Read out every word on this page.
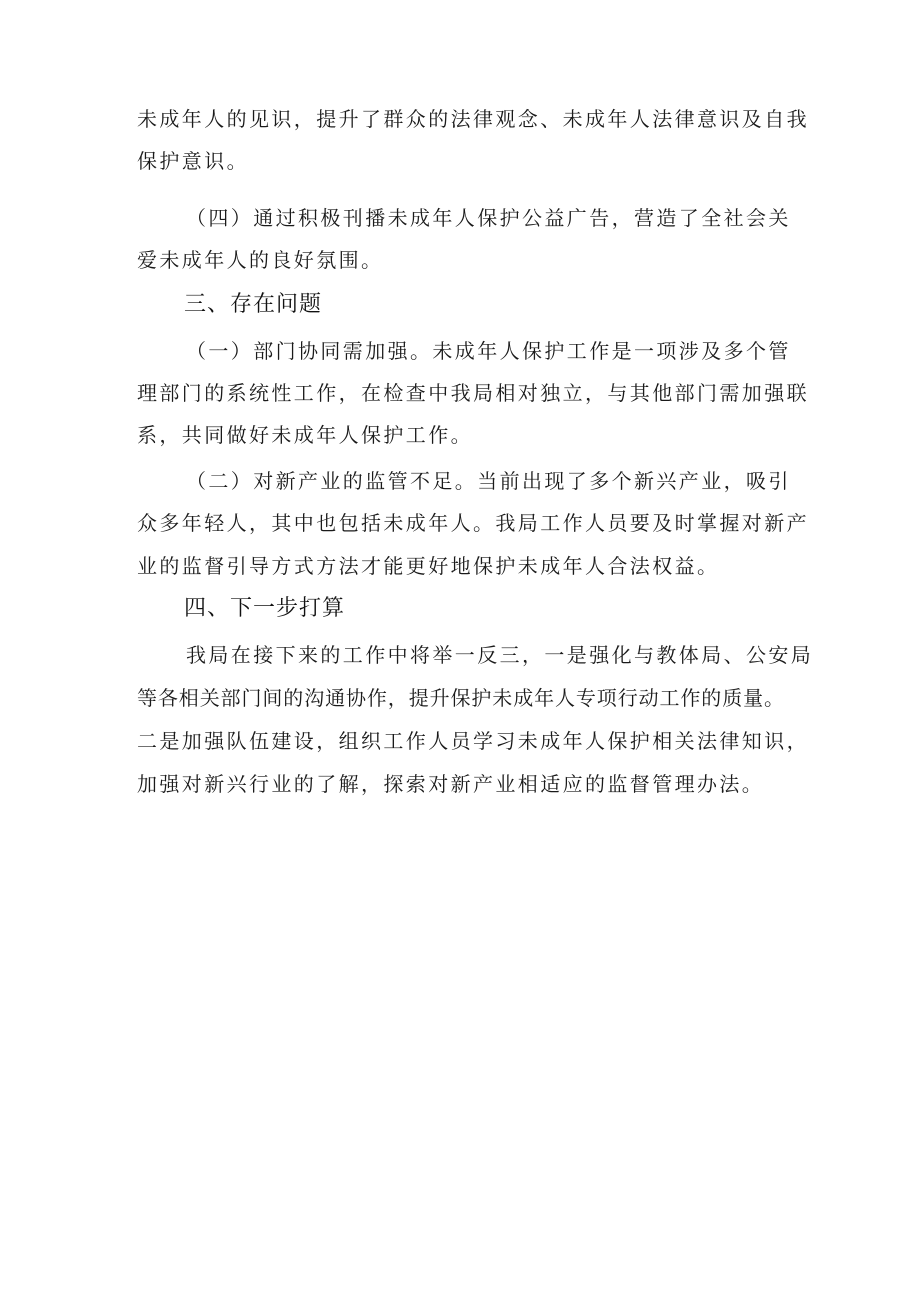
未成年人的见识，提升了群众的法律观念、未成年人法律意识及自我
保护意识。
（四）通过积极刊播未成年人保护公益广告，营造了全社会关
爱未成年人的良好氛围。
三、存在问题
（一）部门协同需加强。未成年人保护工作是一项涉及多个管
理部门的系统性工作，在检查中我局相对独立，与其他部门需加强联
系，共同做好未成年人保护工作。
（二）对新产业的监管不足。当前出现了多个新兴产业，吸引
众多年轻人，其中也包括未成年人。我局工作人员要及时掌握对新产
业的监督引导方式方法才能更好地保护未成年人合法权益。
四、下一步打算
我局在接下来的工作中将举一反三，一是强化与教体局、公安局
等各相关部门间的沟通协作，提升保护未成年人专项行动工作的质量。
二是加强队伍建设，组织工作人员学习未成年人保护相关法律知识，
加强对新兴行业的了解，探索对新产业相适应的监督管理办法。
